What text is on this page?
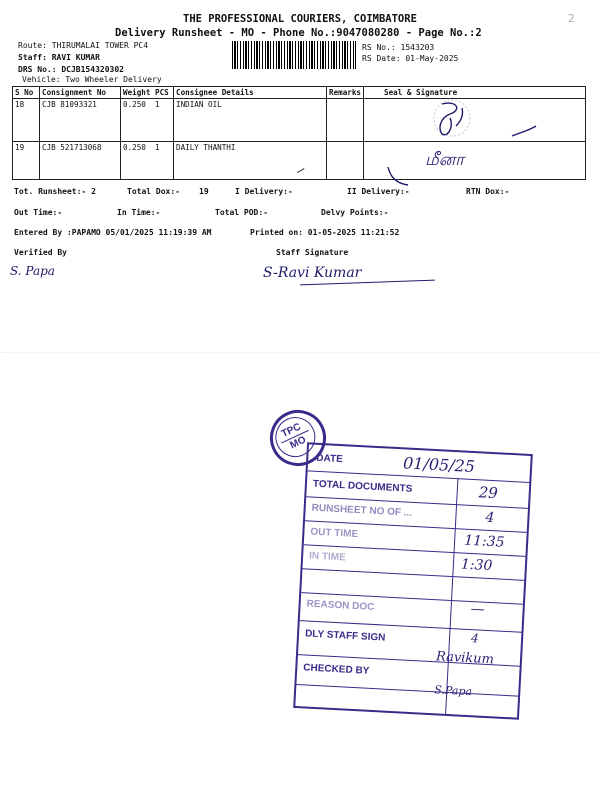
2
THE PROFESSIONAL COURIERS, COIMBATORE
Delivery Runsheet - MO - Phone No.:9047080280 - Page No.:2
Route: THIRUMALAI TOWER PC4
Staff: RAVI KUMAR
DRS No.: DCJB154320302
Vehicle: Two Wheeler Delivery
RS No.: 1543203
RS Date: 01-May-2025
S No	Consignment No	Weight	PCS	Consignee Details	Remarks	Seal & Signature
18	CJB 81093321	0.250	1	INDIAN OIL		
19	CJB 521713068	0.250	1	DAILY THANTHI		
மீனா
Tot. Runsheet:- 2	Total Dox:- 19	I Delivery:-	II Delivery:-	RTN Dox:-
Out Time:-	In Time:-	Total POD:-	Delvy Points:-
Entered By :PAPAMO 05/01/2025 11:19:39 AM	Printed on: 01-05-2025 11:21:52
Verified By	Staff Signature
S. Papa	S-Ravi Kumar
TPC
MO
DATE	01/05/25
TOTAL DOCUMENTS	29
RUNSHEET NO OF ...	4
OUT TIME	11:35
IN TIME	1:30
REASON DOC	—
DLY STAFF SIGN	4
Ravikum
CHECKED BY
S.Papa
